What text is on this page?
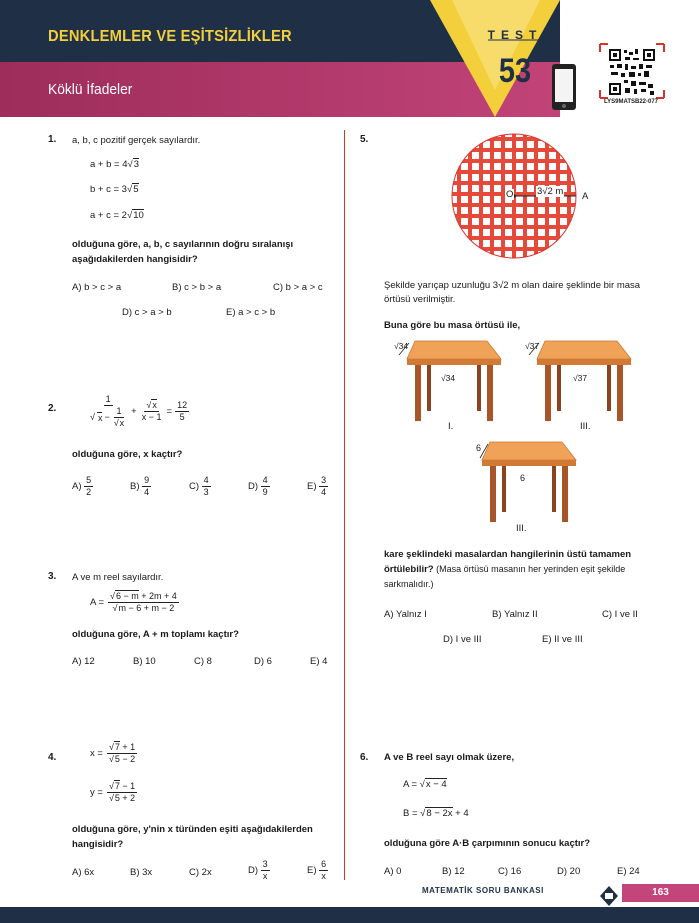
DENKLEMLER VE EŞİTSİZLİKLER
Köklü İfadeler
TEST
53
LYS9MATSB22-077
1. a, b, c pozitif gerçek sayılardır.
a + b = 4√3
b + c = 3√5
a + c = 2√10
olduğuna göre, a, b, c sayılarının doğru sıralanışı aşağıdakilerden hangisidir?
A) b > c > a	B) c > b > a	C) b > a > c
D) c > a > b	E) a > c > b
2.	$\frac{1}{√ x - \frac{1}{√x}} + \frac{√x}{x - 1} = \frac{12}{5}$
olduğuna göre, x kaçtır?
$A) \frac{5}{2}$	$B) \frac{9}{4}$	$C) \frac{4}{3}$	$D) \frac{4}{9}$	$E) \frac{3}{4}$
3. A ve m reel sayılardır.
$A = \frac{√6 - m + 2m + 4}{√m - 6 + m - 2}$
olduğuna göre, A + m toplamı kaçtır?
A) 12	B) 10	C) 8	D) 6	E) 4
4.	$x = \frac{√7 + 1}{√5 - 2}$
$y = \frac{√7 - 1}{√5 + 2}$
olduğuna göre, y'nin x türünden eşiti aşağıdakilerden hangisidir?
A) 6x	B) 3x	C) 2x	$D) \frac{3}{x}$	$E) \frac{6}{x}$
5.
O 3√2 m A
Şekilde yarıçap uzunluğu 3√2 m olan daire şeklinde bir masa örtüsü verilmiştir.
Buna göre bu masa örtüsü ile,
√34
√34
I.
√37
√37
III.
6
6
III.
kare şeklindeki masalardan hangilerinin üstü tamamen örtülebilir? (Masa örtüsü masanın her yerinden eşit şekilde sarkmalıdır.)
A) Yalnız I	B) Yalnız II	C) I ve II
D) I ve III	E) II ve III
6. A ve B reel sayı olmak üzere,
A = √x − 4
B = √8 − 2x + 4
olduğuna göre A·B çarpımının sonucu kaçtır?
A) 0	B) 12	C) 16	D) 20	E) 24
MATEMATİK SORU BANKASI	163
